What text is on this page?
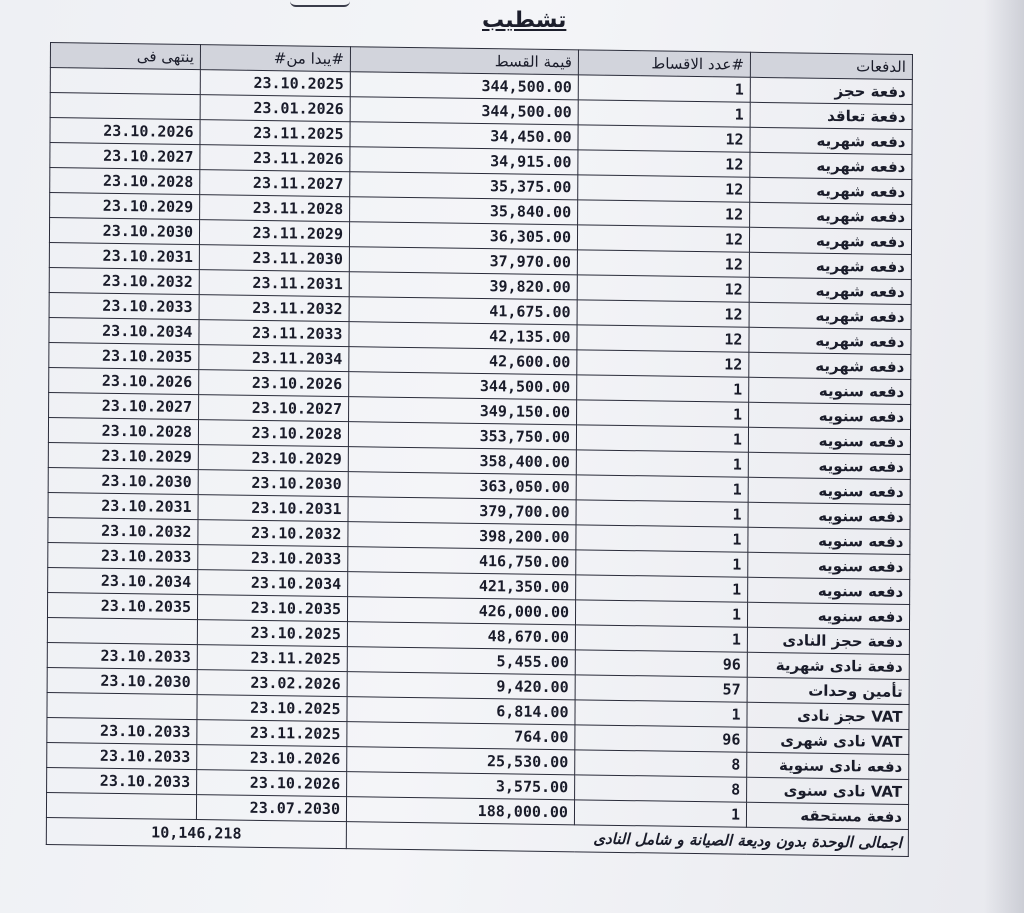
تشطيب
ينتهى فى	#يبدا من#	قيمة القسط	#عدد الاقساط	الدفعات
	23.10.2025	344,500.00	1	دفعة حجز
	23.01.2026	344,500.00	1	دفعة تعاقد
23.10.2026	23.11.2025	34,450.00	12	دفعه شهريه
23.10.2027	23.11.2026	34,915.00	12	دفعه شهريه
23.10.2028	23.11.2027	35,375.00	12	دفعه شهريه
23.10.2029	23.11.2028	35,840.00	12	دفعه شهريه
23.10.2030	23.11.2029	36,305.00	12	دفعه شهريه
23.10.2031	23.11.2030	37,970.00	12	دفعه شهريه
23.10.2032	23.11.2031	39,820.00	12	دفعه شهريه
23.10.2033	23.11.2032	41,675.00	12	دفعه شهريه
23.10.2034	23.11.2033	42,135.00	12	دفعه شهريه
23.10.2035	23.11.2034	42,600.00	12	دفعه شهريه
23.10.2026	23.10.2026	344,500.00	1	دفعه سنويه
23.10.2027	23.10.2027	349,150.00	1	دفعه سنويه
23.10.2028	23.10.2028	353,750.00	1	دفعه سنويه
23.10.2029	23.10.2029	358,400.00	1	دفعه سنويه
23.10.2030	23.10.2030	363,050.00	1	دفعه سنويه
23.10.2031	23.10.2031	379,700.00	1	دفعه سنويه
23.10.2032	23.10.2032	398,200.00	1	دفعه سنويه
23.10.2033	23.10.2033	416,750.00	1	دفعه سنويه
23.10.2034	23.10.2034	421,350.00	1	دفعه سنويه
23.10.2035	23.10.2035	426,000.00	1	دفعه سنويه
	23.10.2025	48,670.00	1	دفعة حجز النادى
23.10.2033	23.11.2025	5,455.00	96	دفعة نادى شهرية
23.10.2030	23.02.2026	9,420.00	57	تأمين وحدات
	23.10.2025	6,814.00	1	VAT حجز نادى
23.10.2033	23.11.2025	764.00	96	VAT نادى شهرى
23.10.2033	23.10.2026	25,530.00	8	دفعه نادى سنوية
23.10.2033	23.10.2026	3,575.00	8	VAT نادى سنوى
	23.07.2030	188,000.00	1	دفعة مستحقه
10,146,218		اجمالى الوحدة بدون وديعة الصيانة و شامل النادى		
